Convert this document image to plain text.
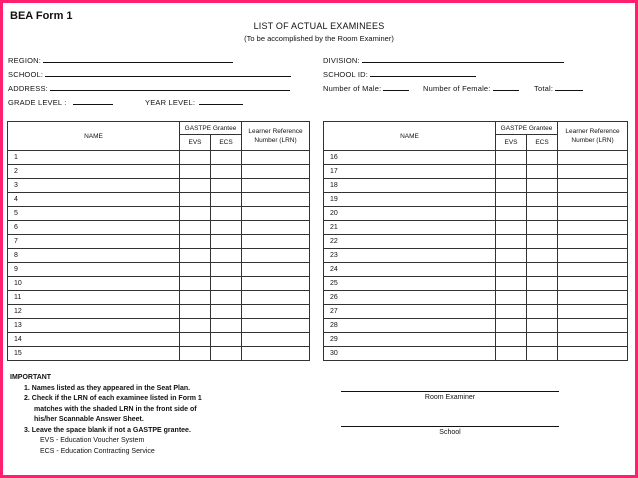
BEA Form 1
LIST OF ACTUAL EXAMINEES
(To be accomplished by the Room Examiner)
REGION:
SCHOOL:
ADDRESS:
GRADE LEVEL :	YEAR LEVEL:
DIVISION:
SCHOOL ID:
Number of Male:	Number of Female:	Total:
NAME	GASTPE Grantee		Learner Reference Number (LRN)
	EVS	ECS	
1			
2			
3			
4			
5			
6			
7			
8			
9			
10			
11			
12			
13			
14			
15			
NAME	GASTPE Grantee		Learner Reference Number (LRN)
	EVS	ECS	
16			
17			
18			
19			
20			
21			
22			
23			
24			
25			
26			
27			
28			
29			
30			
IMPORTANT
1. Names listed as they appeared in the Seat Plan.
2. Check if the LRN of each examinee listed in Form 1
matches with the shaded LRN in the front side of
his/her Scannable Answer Sheet.
3. Leave the space blank if not a GASTPE grantee.
EVS - Education Voucher System
ECS - Education Contracting Service
Room Examiner
School
